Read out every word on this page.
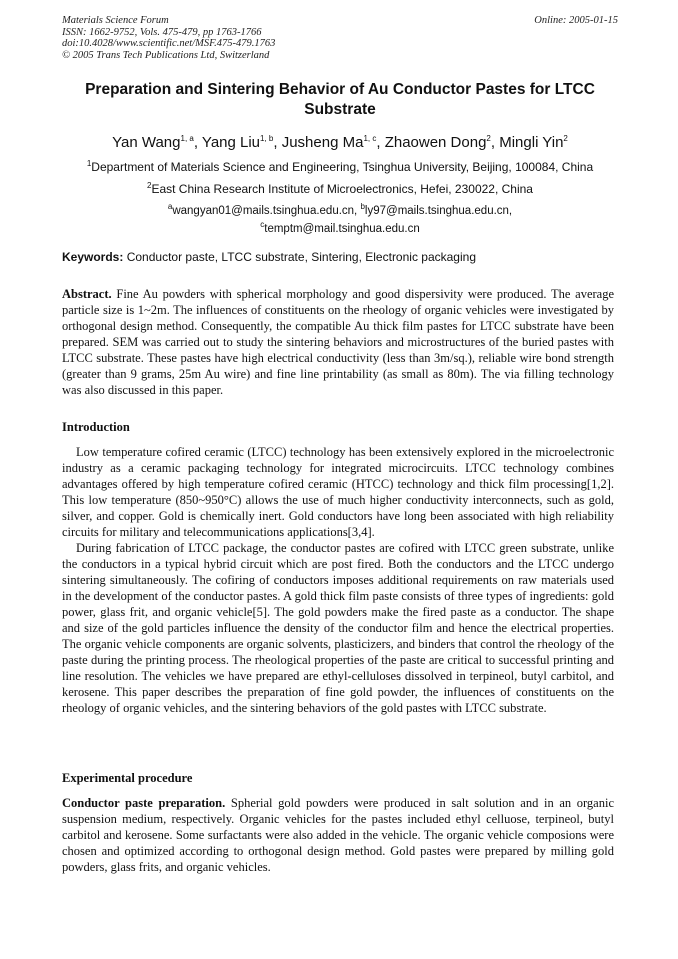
Materials Science Forum
ISSN: 1662-9752, Vols. 475-479, pp 1763-1766
doi:10.4028/www.scientific.net/MSF.475-479.1763
© 2005 Trans Tech Publications Ltd, Switzerland
Online: 2005-01-15
Preparation and Sintering Behavior of Au Conductor Pastes for LTCC Substrate
Yan Wang$^{1, a}$, Yang Liu$^{1, b}$, Jusheng Ma$^{1, c}$, Zhaowen Dong$^2$, Mingli Yin$^2$
$^1$Department of Materials Science and Engineering, Tsinghua University, Beijing, 100084, China
$^2$East China Research Institute of Microelectronics, Hefei, 230022, China
$^a$wangyan01@mails.tsinghua.edu.cn, $^b$ly97@mails.tsinghua.edu.cn,
$^c$temptm@mail.tsinghua.edu.cn
Keywords: Conductor paste, LTCC substrate, Sintering, Electronic packaging
Abstract. Fine Au powders with spherical morphology and good dispersivity were produced. The average particle size is 1~2m. The influences of constituents on the rheology of organic vehicles were investigated by orthogonal design method. Consequently, the compatible Au thick film pastes for LTCC substrate have been prepared. SEM was carried out to study the sintering behaviors and microstructures of the buried pastes with LTCC substrate. These pastes have high electrical conductivity (less than 3m/sq.), reliable wire bond strength (greater than 9 grams, 25m Au wire) and fine line printability (as small as 80m). The via filling technology was also discussed in this paper.
Introduction

Low temperature cofired ceramic (LTCC) technology has been extensively explored in the microelectronic industry as a ceramic packaging technology for integrated microcircuits. LTCC technology combines advantages offered by high temperature cofired ceramic (HTCC) technology and thick film processing[1,2]. This low temperature (850~950°C) allows the use of much higher conductivity interconnects, such as gold, silver, and copper. Gold is chemically inert. Gold conductors have long been associated with high reliability circuits for military and telecommunications applications[3,4].

During fabrication of LTCC package, the conductor pastes are cofired with LTCC green substrate, unlike the conductors in a typical hybrid circuit which are post fired. Both the conductors and the LTCC undergo sintering simultaneously. The cofiring of conductors imposes additional requirements on raw materials used in the development of the conductor pastes. A gold thick film paste consists of three types of ingredients: gold power, glass frit, and organic vehicle[5]. The gold powders make the fired paste as a conductor. The shape and size of the gold particles influence the density of the conductor film and hence the electrical properties. The organic vehicle components are organic solvents, plasticizers, and binders that control the rheology of the paste during the printing process. The rheological properties of the paste are critical to successful printing and line resolution. The vehicles we have prepared are ethyl-celluloses dissolved in terpineol, butyl carbitol, and kerosene. This paper describes the preparation of fine gold powder, the influences of constituents on the rheology of organic vehicles, and the sintering behaviors of the gold pastes with LTCC substrate.

Experimental procedure
Conductor paste preparation. Spherial gold powders were produced in salt solution and in an organic suspension medium, respectively. Organic vehicles for the pastes included ethyl celluose, terpineol, butyl carbitol and kerosene. Some surfactants were also added in the vehicle. The organic vehicle composions were chosen and optimized according to orthogonal design method. Gold pastes were prepared by milling gold powders, glass frits, and organic vehicles.
